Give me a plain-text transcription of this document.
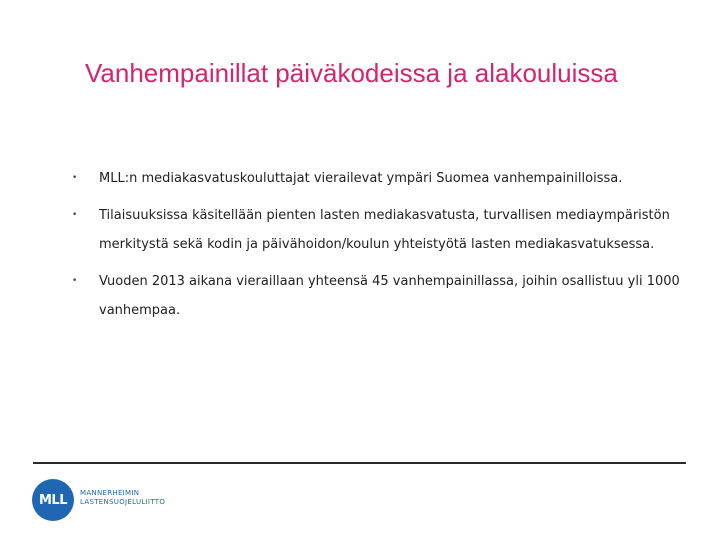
Vanhempainillat päiväkodeissa ja alakouluissa
• MLL:n mediakasvatuskouluttajat vierailevat ympäri Suomea vanhempainilloissa.
• Tilaisuuksissa käsitellään pienten lasten mediakasvatusta, turvallisen mediaympäristön merkitystä sekä kodin ja päivähoidon/koulun yhteistyötä lasten mediakasvatuksessa.
• Vuoden 2013 aikana vieraillaan yhteensä 45 vanhempainillassa, joihin osallistuu yli 1000 vanhempaa.
MLL MANNERHEIMIN
LASTENSUOJELULIITTO
